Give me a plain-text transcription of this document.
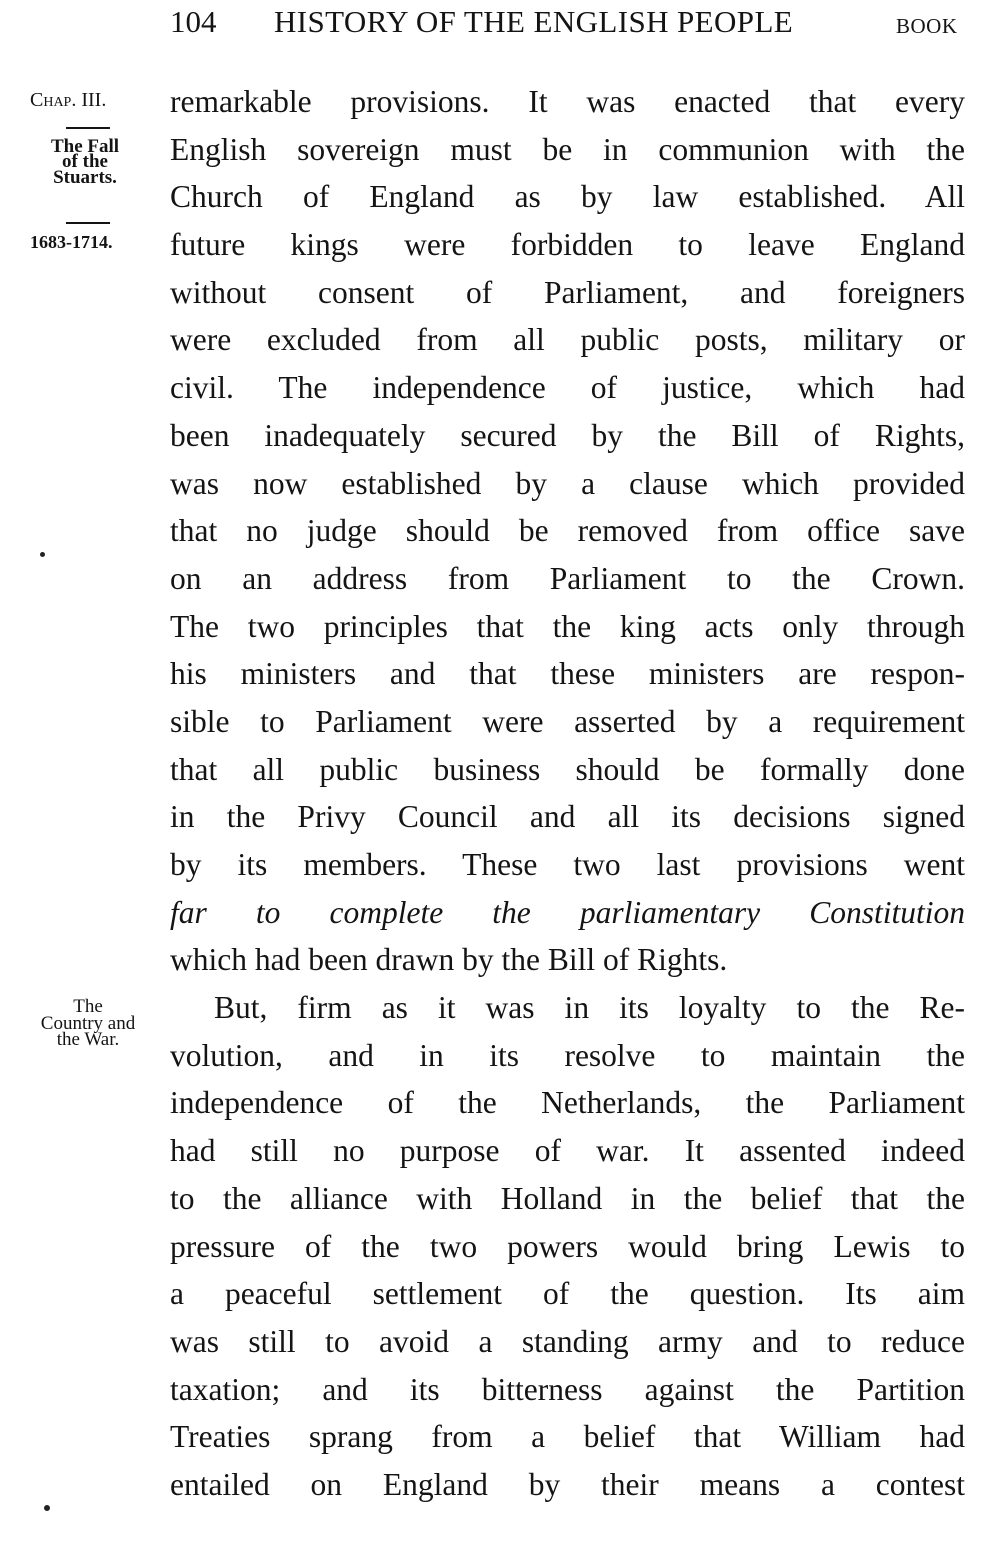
104 HISTORY OF THE ENGLISH PEOPLE	BOOK
Chap. III.
The Fall
of the
Stuarts.
1683-1714.
The
Country and
the War.
remarkable provisions. It was enacted that every
English sovereign must be in communion with the
Church of England as by law established. All
future kings were forbidden to leave England
without consent of Parliament, and foreigners
were excluded from all public posts, military or
civil. The independence of justice, which had
been inadequately secured by the Bill of Rights,
was now established by a clause which provided
that no judge should be removed from office save
on an address from Parliament to the Crown.
The two principles that the king acts only through
his ministers and that these ministers are respon-
sible to Parliament were asserted by a requirement
that all public business should be formally done
in the Privy Council and all its decisions signed
by its members. These two last provisions went
far to complete the parliamentary Constitution
which had been drawn by the Bill of Rights.
But, firm as it was in its loyalty to the Re-
volution, and in its resolve to maintain the
independence of the Netherlands, the Parliament
had still no purpose of war. It assented indeed
to the alliance with Holland in the belief that the
pressure of the two powers would bring Lewis to
a peaceful settlement of the question. Its aim
was still to avoid a standing army and to reduce
taxation; and its bitterness against the Partition
Treaties sprang from a belief that William had
entailed on England by their means a contest
